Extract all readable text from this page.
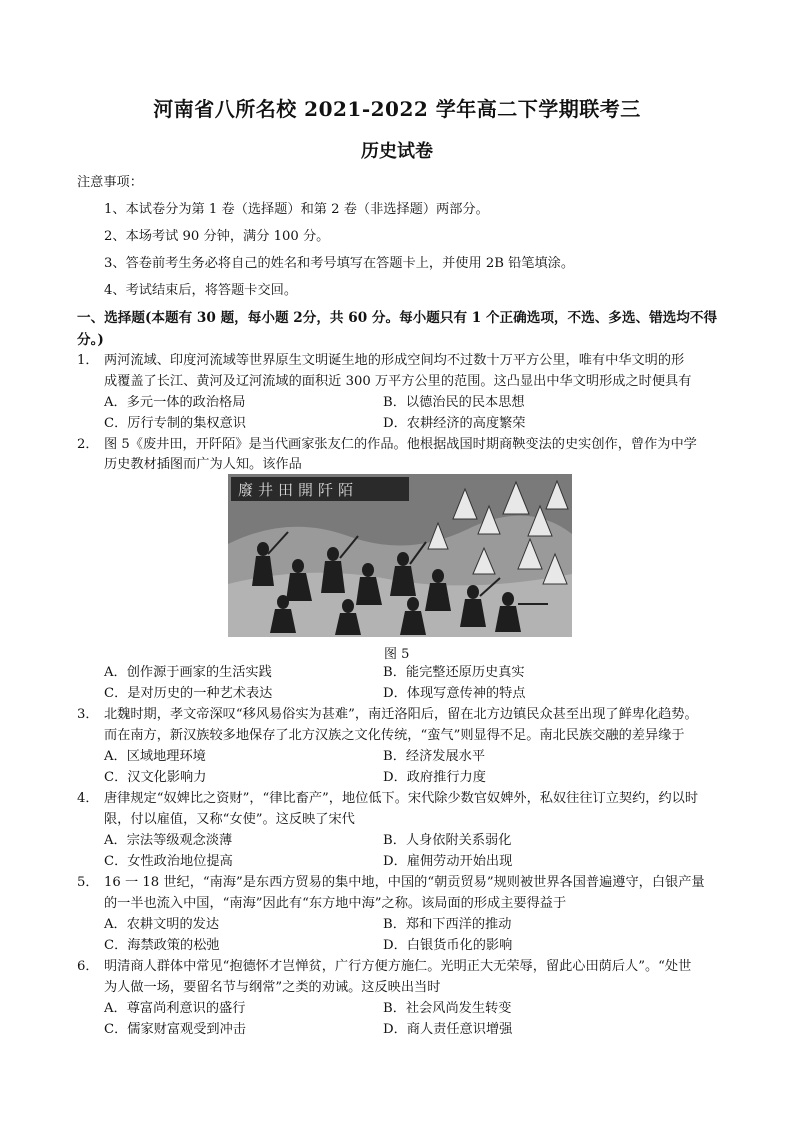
河南省八所名校 2021-2022 学年高二下学期联考三
历史试卷
注意事项：
1、本试卷分为第 1 卷（选择题）和第 2 卷（非选择题）两部分。
2、本场考试 90 分钟，满分 100 分。
3、答卷前考生务必将自己的姓名和考号填写在答题卡上，并使用 2B 铅笔填涂。
4、考试结束后，将答题卡交回。
一、选择题(本题有 30 题，每小题 2分，共 60 分。每小题只有 1 个正确选项，不选、多选、错选均不得
分。)
1． 两河流域、印度河流域等世界原生文明诞生地的形成空间均不过数十万平方公里，唯有中华文明的形
成覆盖了长江、黄河及辽河流域的面积近 300 万平方公里的范围。这凸显出中华文明形成之时便具有
A．多元一体的政治格局	B．以德治民的民本思想
C．厉行专制的集权意识	D．农耕经济的高度繁荣
2． 图 5《废井田，开阡陌》是当代画家张友仁的作品。他根据战国时期商鞅变法的史实创作，曾作为中学
历史教材插图而广为人知。该作品
廢井田開阡陌
图 5
A．创作源于画家的生活实践	B．能完整还原历史真实
C．是对历史的一种艺术表达	D．体现写意传神的特点
3． 北魏时期，孝文帝深叹“移风易俗实为甚难”，南迁洛阳后，留在北方边镇民众甚至出现了鲜卑化趋势。
而在南方，新汉族较多地保存了北方汉族之文化传统，“蛮气”则显得不足。南北民族交融的差异缘于
A．区域地理环境	B．经济发展水平
C．汉文化影响力	D．政府推行力度
4． 唐律规定“奴婢比之资财”，“律比畜产”，地位低下。宋代除少数官奴婢外，私奴往往订立契约，约以时
限，付以雇值，又称“女使”。这反映了宋代
A．宗法等级观念淡薄	B．人身依附关系弱化
C．女性政治地位提高	D．雇佣劳动开始出现
5． 16 一 18 世纪，“南海”是东西方贸易的集中地，中国的“朝贡贸易”规则被世界各国普遍遵守，白银产量
的一半也流入中国，“南海”因此有“东方地中海”之称。该局面的形成主要得益于
A．农耕文明的发达	B．郑和下西洋的推动
C．海禁政策的松弛	D．白银货币化的影响
6． 明清商人群体中常见“抱德怀才岂惮贫，广行方便方施仁。光明正大无荣辱，留此心田荫后人”。“处世
为人做一场，要留名节与纲常”之类的劝诫。这反映出当时
A．尊富尚利意识的盛行	B．社会风尚发生转变
C．儒家财富观受到冲击	D．商人责任意识增强
